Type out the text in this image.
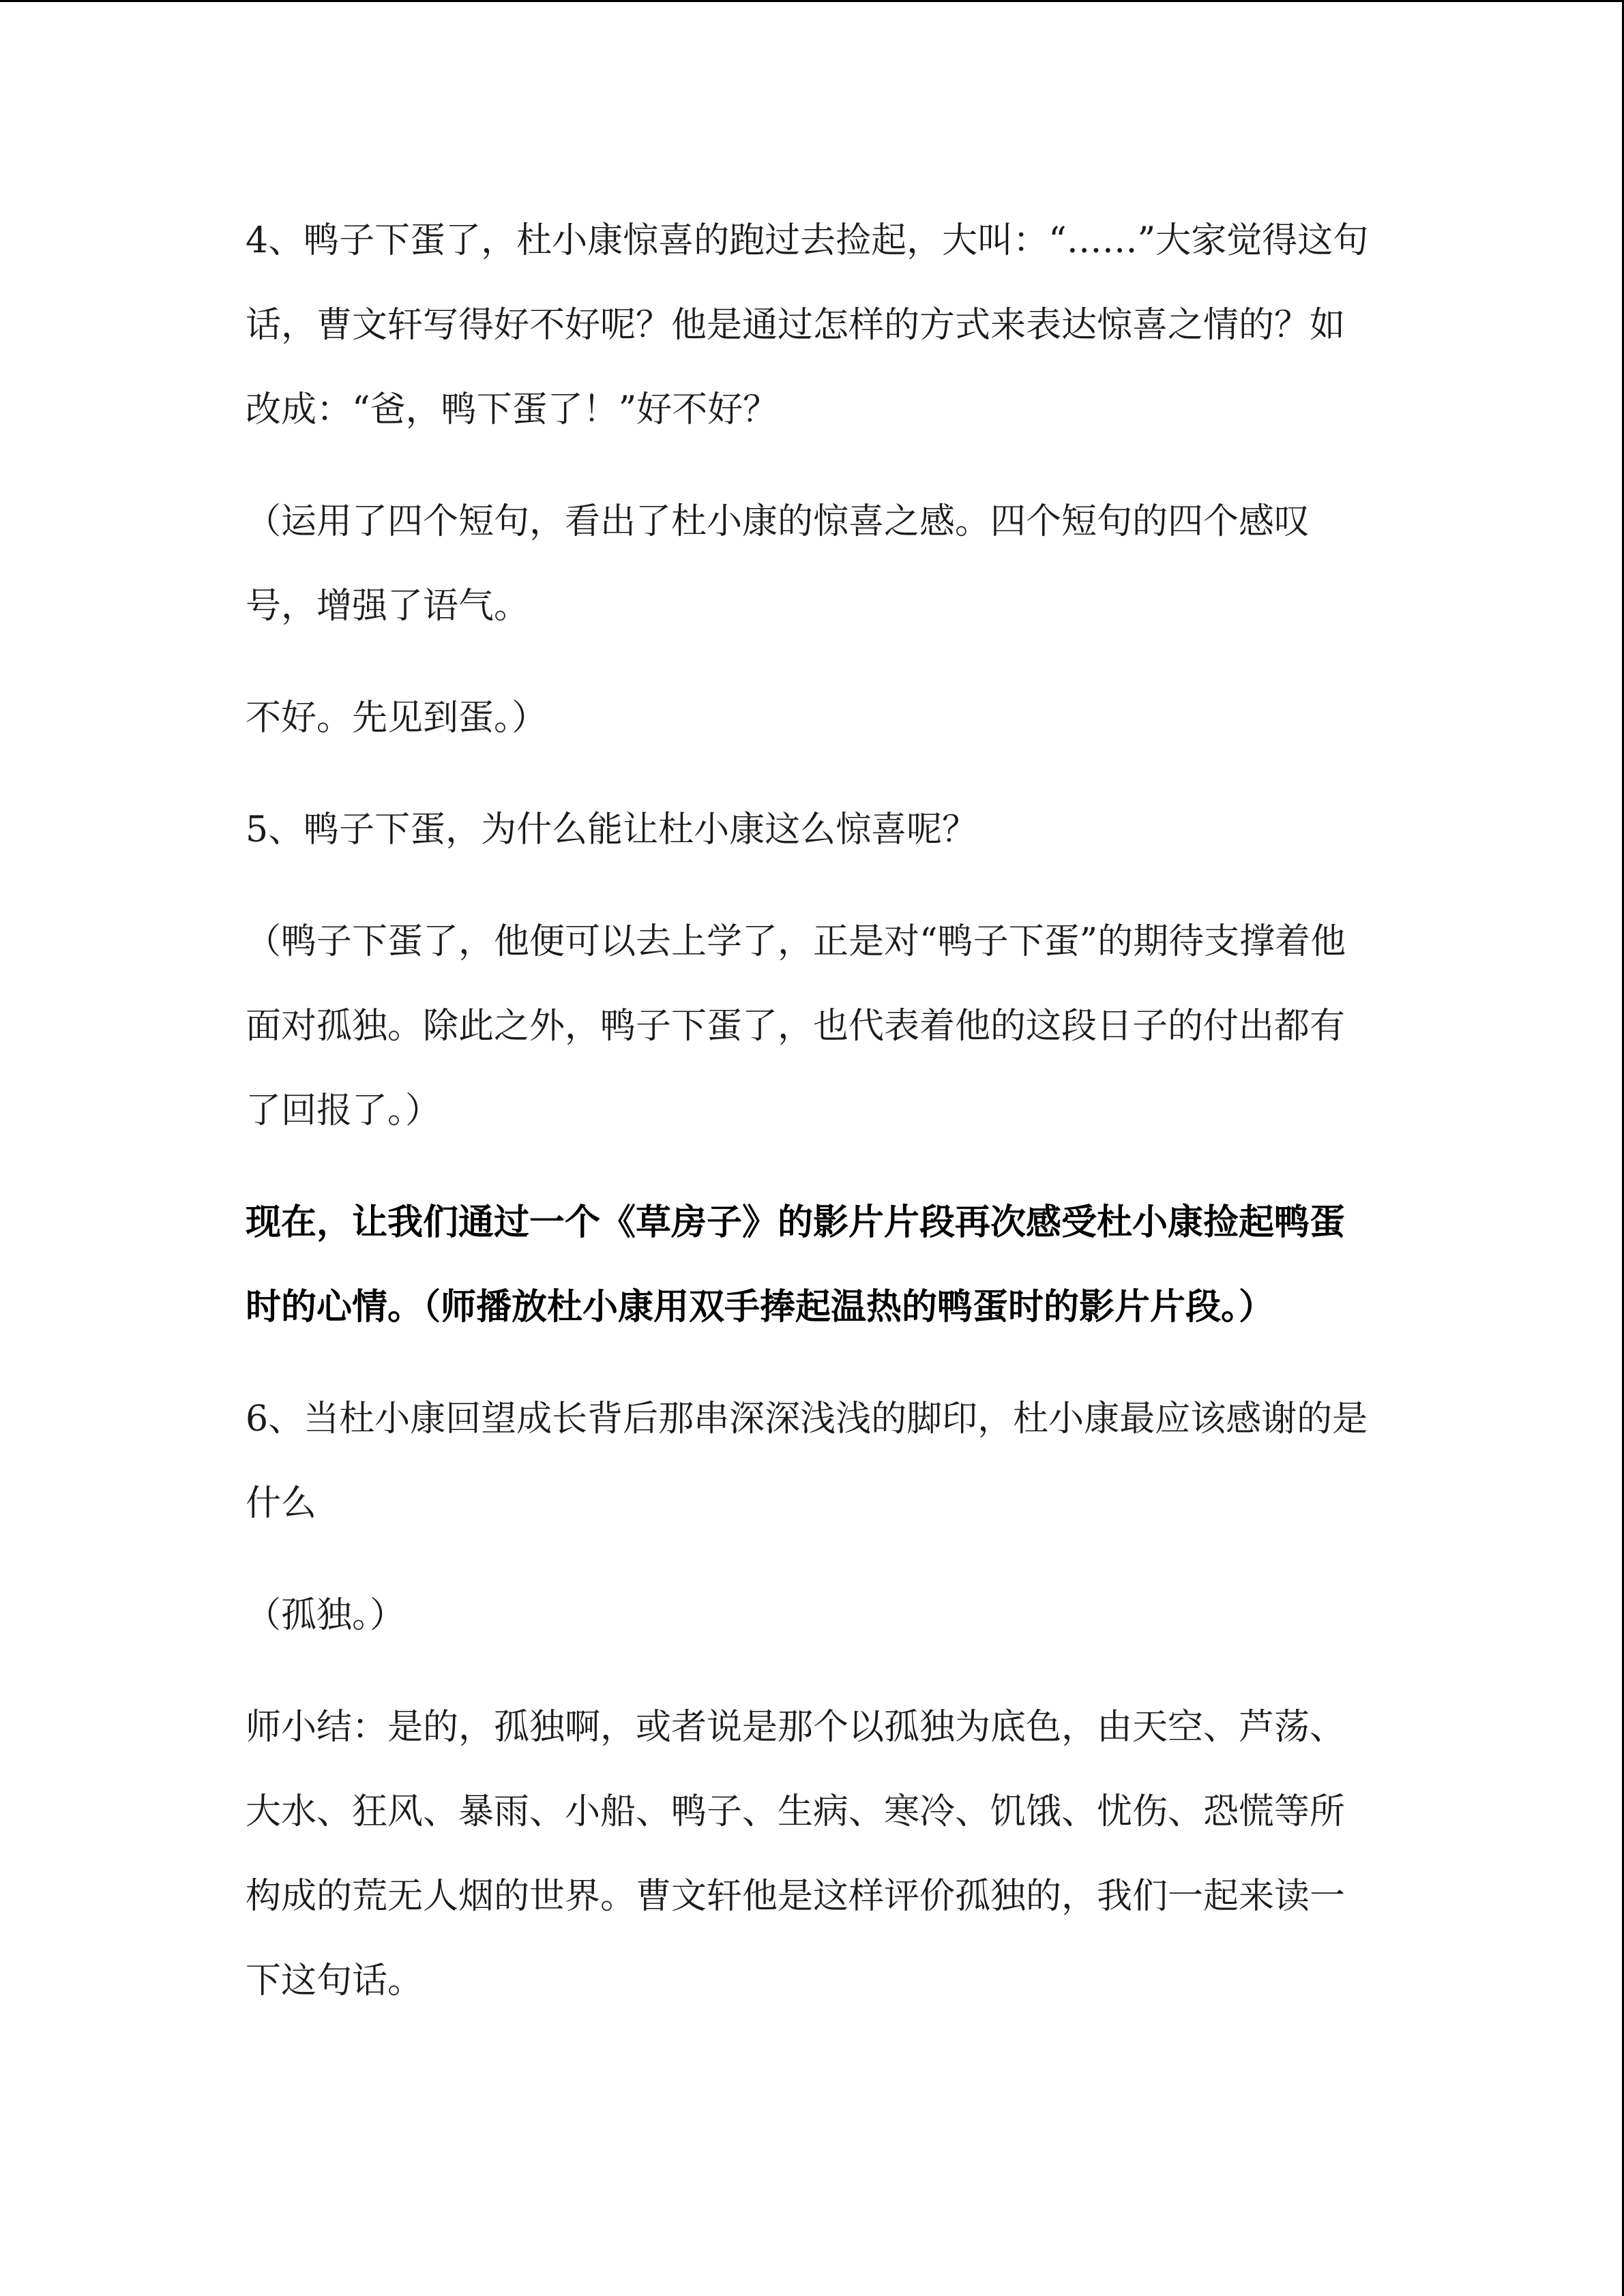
4、鸭子下蛋了，杜小康惊喜的跑过去捡起，大叫：“……”大家觉得这句话，曹文轩写得好不好呢？他是通过怎样的方式来表达惊喜之情的？如改成：“爸，鸭下蛋了！”好不好？

（运用了四个短句，看出了杜小康的惊喜之感。四个短句的四个感叹号，增强了语气。

不好。先见到蛋。）

5、鸭子下蛋，为什么能让杜小康这么惊喜呢？

（鸭子下蛋了，他便可以去上学了，正是对“鸭子下蛋”的期待支撑着他面对孤独。除此之外，鸭子下蛋了，也代表着他的这段日子的付出都有了回报了。）

现在，让我们通过一个《草房子》的影片片段再次感受杜小康捡起鸭蛋时的心情。（师播放杜小康用双手捧起温热的鸭蛋时的影片片段。）

6、当杜小康回望成长背后那串深深浅浅的脚印，杜小康最应该感谢的是什么

（孤独。）

师小结：是的，孤独啊，或者说是那个以孤独为底色，由天空、芦荡、大水、狂风、暴雨、小船、鸭子、生病、寒冷、饥饿、忧伤、恐慌等所构成的荒无人烟的世界。曹文轩他是这样评价孤独的，我们一起来读一下这句话。
